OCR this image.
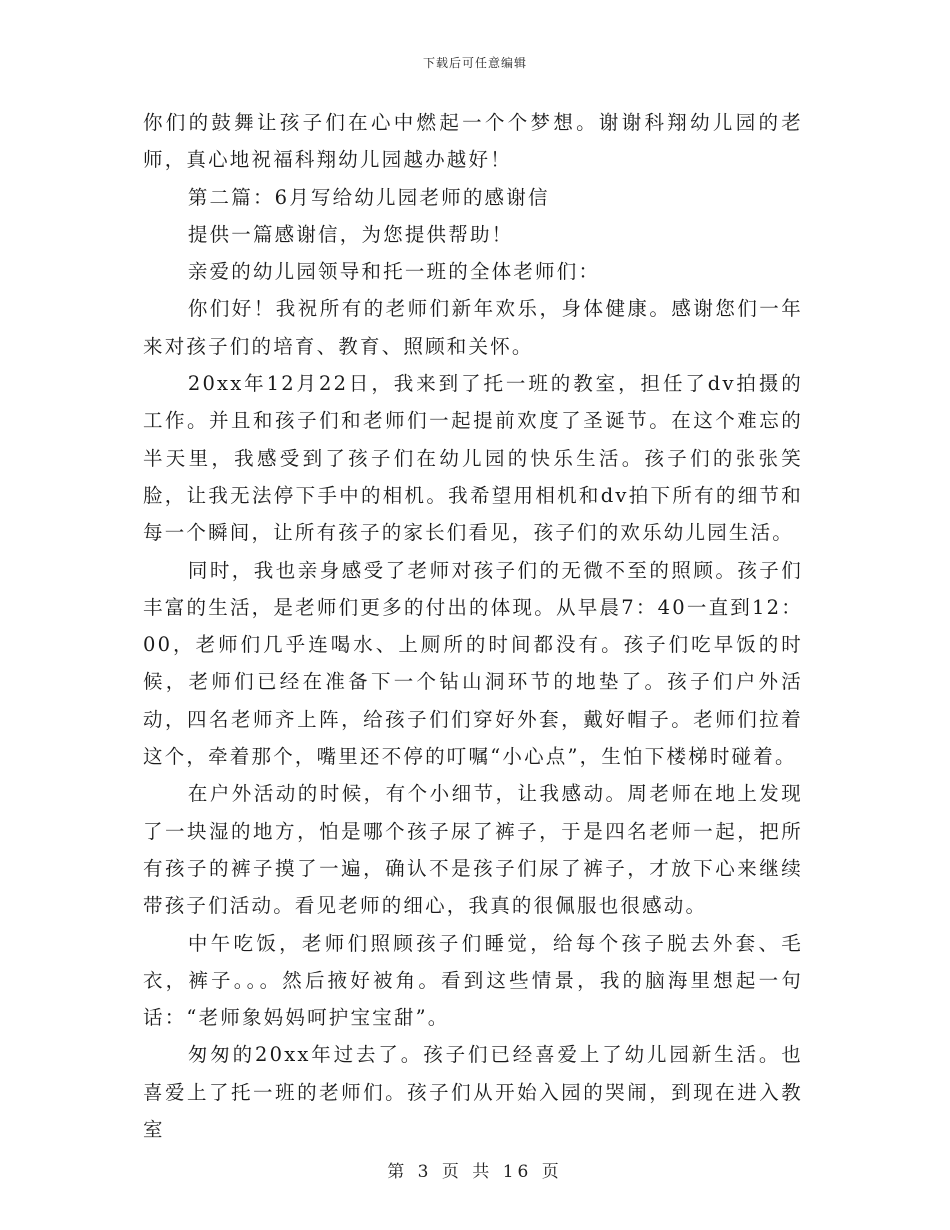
下载后可任意编辑

你们的鼓舞让孩子们在心中燃起一个个梦想。谢谢科翔幼儿园的老师，真心地祝福科翔幼儿园越办越好！

第二篇：6月写给幼儿园老师的感谢信

提供一篇感谢信，为您提供帮助！

亲爱的幼儿园领导和托一班的全体老师们：

你们好！我祝所有的老师们新年欢乐，身体健康。感谢您们一年来对孩子们的培育、教育、照顾和关怀。

20xx年12月22日，我来到了托一班的教室，担任了dv拍摄的工作。并且和孩子们和老师们一起提前欢度了圣诞节。在这个难忘的半天里，我感受到了孩子们在幼儿园的快乐生活。孩子们的张张笑脸，让我无法停下手中的相机。我希望用相机和dv拍下所有的细节和每一个瞬间，让所有孩子的家长们看见，孩子们的欢乐幼儿园生活。

同时，我也亲身感受了老师对孩子们的无微不至的照顾。孩子们丰富的生活，是老师们更多的付出的体现。从早晨7：40一直到12：00，老师们几乎连喝水、上厕所的时间都没有。孩子们吃早饭的时候，老师们已经在准备下一个钻山洞环节的地垫了。孩子们户外活动，四名老师齐上阵，给孩子们们穿好外套，戴好帽子。老师们拉着这个，牵着那个，嘴里还不停的叮嘱“小心点”，生怕下楼梯时碰着。

在户外活动的时候，有个小细节，让我感动。周老师在地上发现了一块湿的地方，怕是哪个孩子尿了裤子，于是四名老师一起，把所有孩子的裤子摸了一遍，确认不是孩子们尿了裤子，才放下心来继续带孩子们活动。看见老师的细心，我真的很佩服也很感动。

中午吃饭，老师们照顾孩子们睡觉，给每个孩子脱去外套、毛衣，裤子。。。然后掖好被角。看到这些情景，我的脑海里想起一句话：“老师象妈妈呵护宝宝甜”。

匆匆的20xx年过去了。孩子们已经喜爱上了幼儿园新生活。也喜爱上了托一班的老师们。孩子们从开始入园的哭闹，到现在进入教室

第 3 页 共 16 页
